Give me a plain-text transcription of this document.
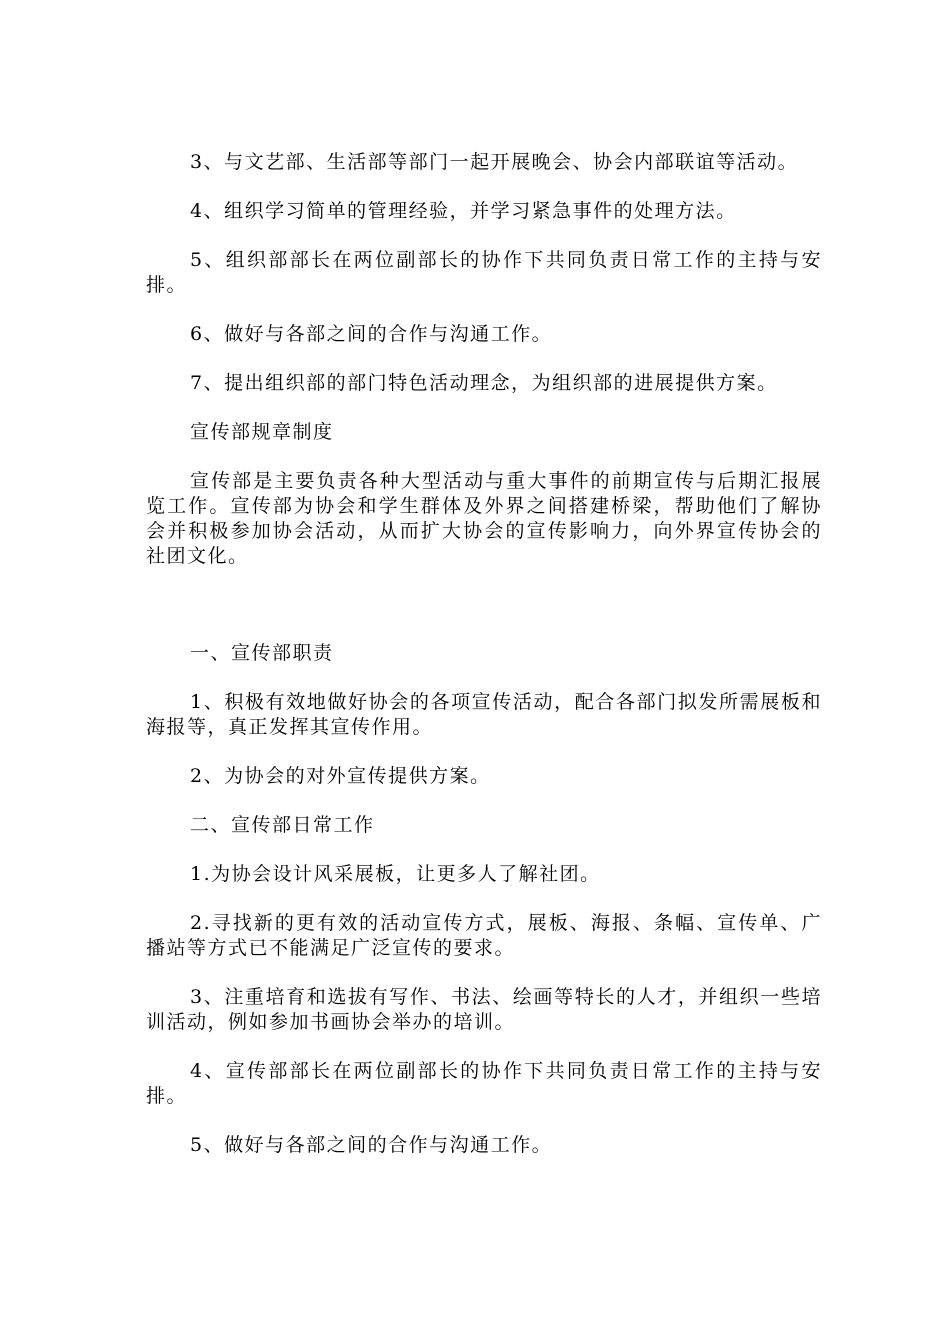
3、与文艺部、生活部等部门一起开展晚会、协会内部联谊等活动。

4、组织学习简单的管理经验，并学习紧急事件的处理方法。

5、组织部部长在两位副部长的协作下共同负责日常工作的主持与安排。

6、做好与各部之间的合作与沟通工作。

7、提出组织部的部门特色活动理念，为组织部的进展提供方案。

宣传部规章制度

宣传部是主要负责各种大型活动与重大事件的前期宣传与后期汇报展览工作。宣传部为协会和学生群体及外界之间搭建桥梁，帮助他们了解协会并积极参加协会活动，从而扩大协会的宣传影响力，向外界宣传协会的社团文化。

一、宣传部职责

1、积极有效地做好协会的各项宣传活动，配合各部门拟发所需展板和海报等，真正发挥其宣传作用。

2、为协会的对外宣传提供方案。

二、宣传部日常工作

1.为协会设计风采展板，让更多人了解社团。

2.寻找新的更有效的活动宣传方式，展板、海报、条幅、宣传单、广播站等方式已不能满足广泛宣传的要求。

3、注重培育和选拔有写作、书法、绘画等特长的人才，并组织一些培训活动，例如参加书画协会举办的培训。

4、宣传部部长在两位副部长的协作下共同负责日常工作的主持与安排。

5、做好与各部之间的合作与沟通工作。
